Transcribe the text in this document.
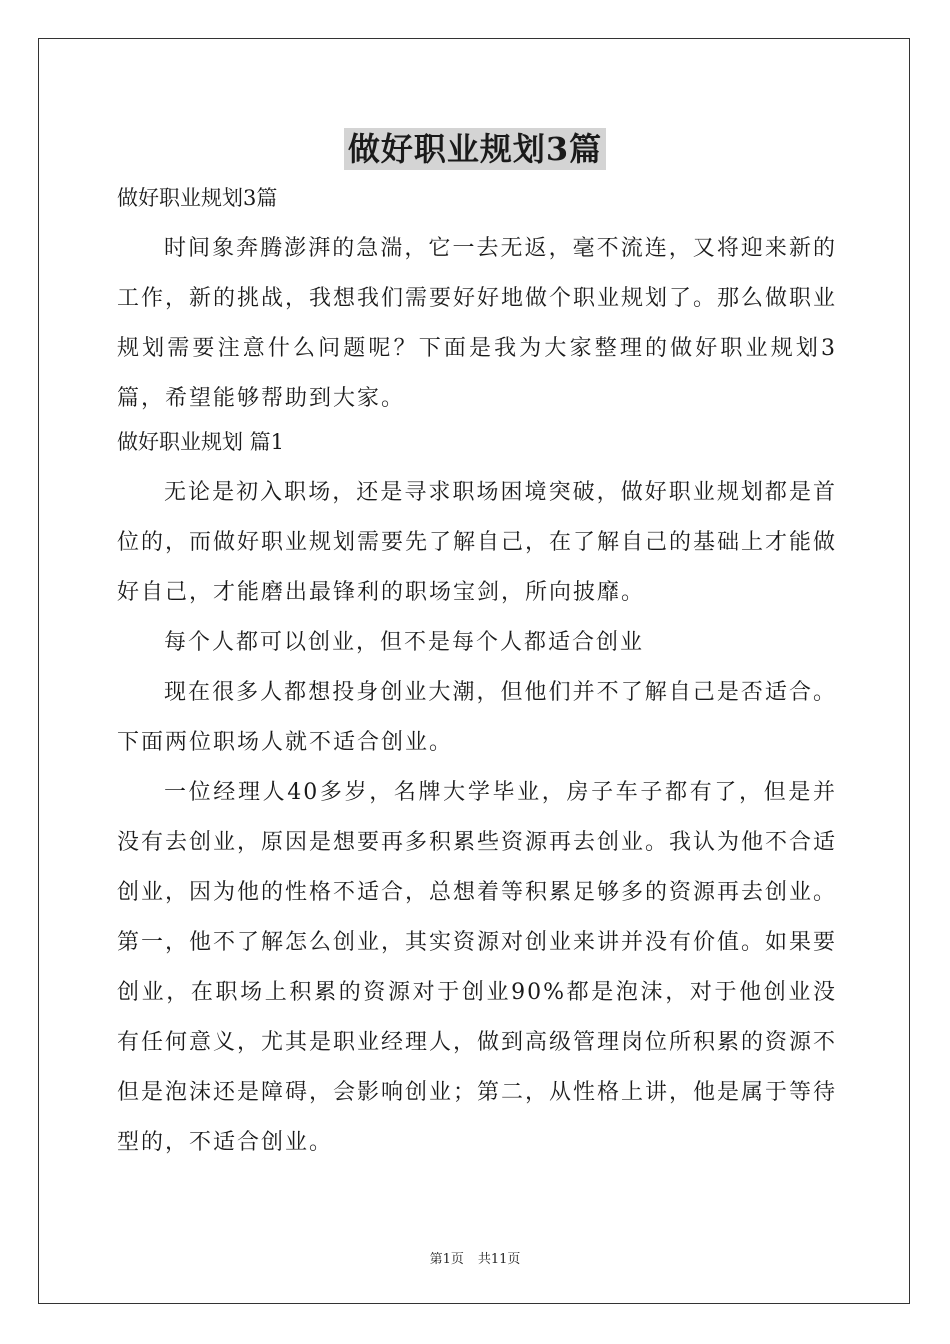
做好职业规划3篇

做好职业规划3篇

时间象奔腾澎湃的急湍，它一去无返，毫不流连，又将迎来新的工作，新的挑战，我想我们需要好好地做个职业规划了。那么做职业规划需要注意什么问题呢？下面是我为大家整理的做好职业规划3篇，希望能够帮助到大家。

做好职业规划 篇1

无论是初入职场，还是寻求职场困境突破，做好职业规划都是首位的，而做好职业规划需要先了解自己，在了解自己的基础上才能做好自己，才能磨出最锋利的职场宝剑，所向披靡。

每个人都可以创业，但不是每个人都适合创业

现在很多人都想投身创业大潮，但他们并不了解自己是否适合。下面两位职场人就不适合创业。

一位经理人40多岁，名牌大学毕业，房子车子都有了，但是并没有去创业，原因是想要再多积累些资源再去创业。我认为他不合适创业，因为他的性格不适合，总想着等积累足够多的资源再去创业。第一，他不了解怎么创业，其实资源对创业来讲并没有价值。如果要创业，在职场上积累的资源对于创业90%都是泡沫，对于他创业没有任何意义，尤其是职业经理人，做到高级管理岗位所积累的资源不但是泡沫还是障碍，会影响创业；第二，从性格上讲，他是属于等待型的，不适合创业。

第1页 共11页
